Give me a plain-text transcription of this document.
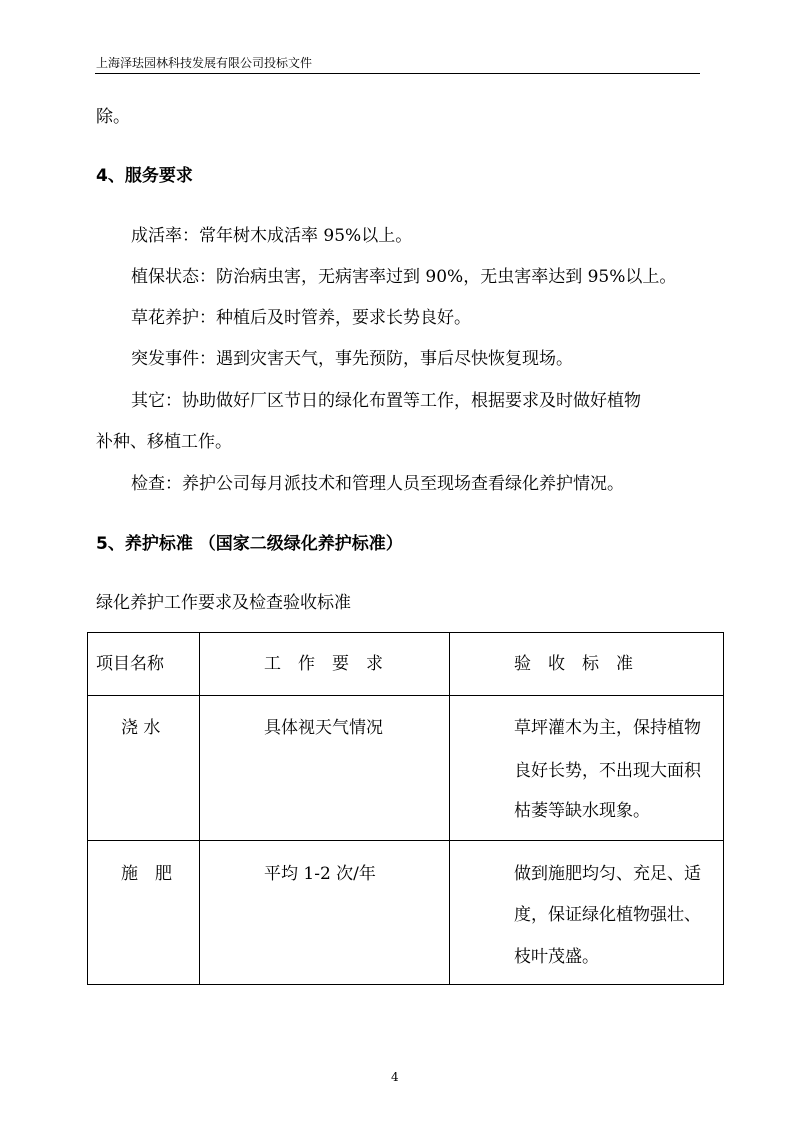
上海泽珐园林科技发展有限公司投标文件
除。
4、服务要求
成活率：常年树木成活率 95%以上。
植保状态：防治病虫害，无病害率过到 90%，无虫害率达到 95%以上。
草花养护：种植后及时管养，要求长势良好。
突发事件：遇到灾害天气，事先预防，事后尽快恢复现场。
其它：协助做好厂区节日的绿化布置等工作，根据要求及时做好植物
补种、移植工作。
检查：养护公司每月派技术和管理人员至现场查看绿化养护情况。
5、养护标准 （国家二级绿化养护标准）
绿化养护工作要求及检查验收标准
项目名称	工　作　要　求	验　收　标　准
浇 水	具体视天气情况	草坪灌木为主，保持植物
良好长势，不出现大面积
枯萎等缺水现象。
施　肥	平均 1-2 次/年	做到施肥均匀、充足、适
度，保证绿化植物强壮、
枝叶茂盛。
4
